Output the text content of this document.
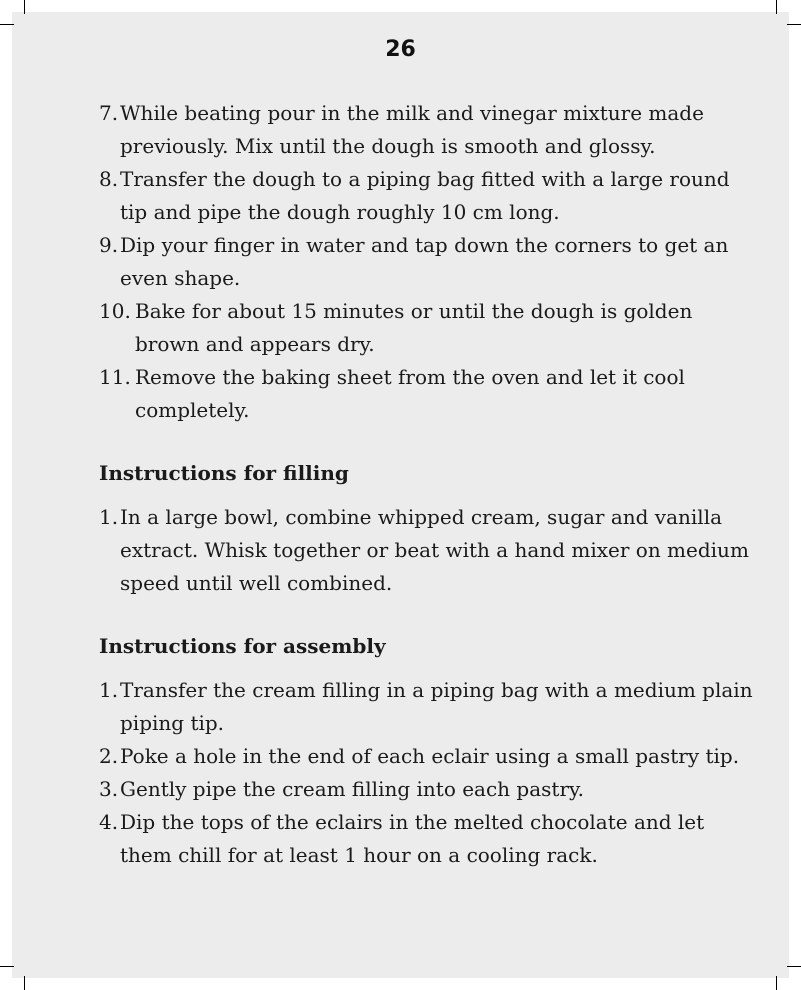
26
7. While beating pour in the milk and vinegar mixture made previously. Mix until the dough is smooth and glossy.

8. Transfer the dough to a piping bag fitted with a large round tip and pipe the dough roughly 10 cm long.

9. Dip your finger in water and tap down the corners to get an even shape.

10. Bake for about 15 minutes or until the dough is golden brown and appears dry.

11. Remove the baking sheet from the oven and let it cool completely.

Instructions for filling
1. In a large bowl, combine whipped cream, sugar and vanilla extract. Whisk together or beat with a hand mixer on medium speed until well combined.

Instructions for assembly
1. Transfer the cream filling in a piping bag with a medium plain piping tip.

2. Poke a hole in the end of each eclair using a small pastry tip.

3. Gently pipe the cream filling into each pastry.

4. Dip the tops of the eclairs in the melted chocolate and let them chill for at least 1 hour on a cooling rack.
